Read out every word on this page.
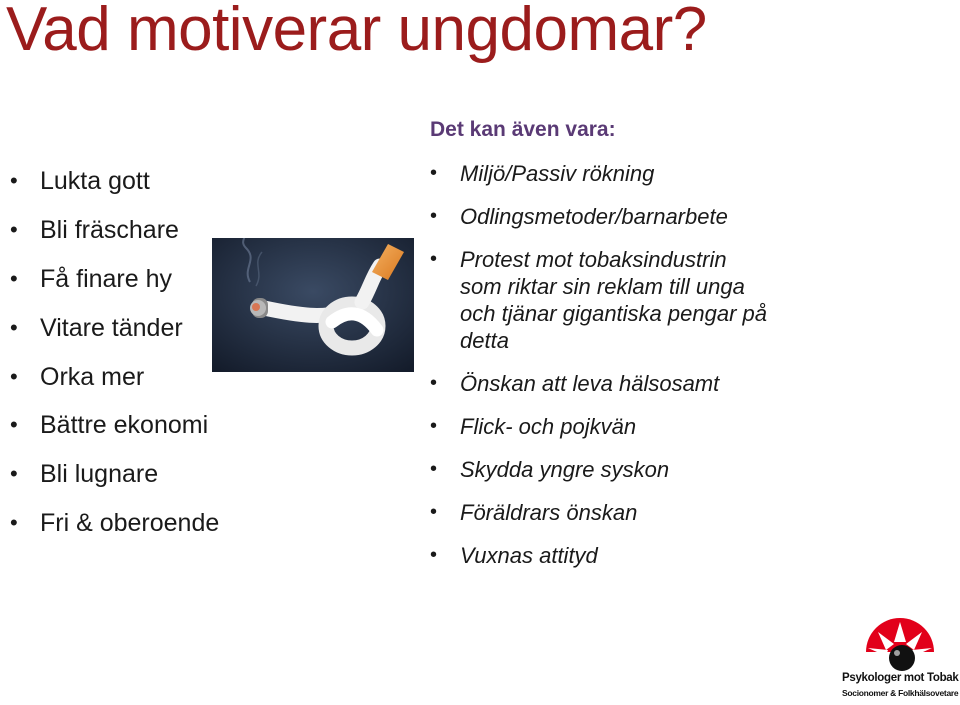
Vad motiverar ungdomar?
• Lukta gott
• Bli fräschare
• Få finare hy
• Vitare tänder
• Orka mer
• Bättre ekonomi
• Bli lugnare
• Fri & oberoende
Det kan även vara:
• Miljö/Passiv rökning
• Odlingsmetoder/barnarbete
• Protest mot tobaksindustrin
som riktar sin reklam till unga
och tjänar gigantiska pengar på
detta
• Önskan att leva hälsosamt
• Flick- och pojkvän
• Skydda yngre syskon
• Föräldrars önskan
• Vuxnas attityd
Psykologer mot Tobak
Socionomer & Folkhälsovetare
